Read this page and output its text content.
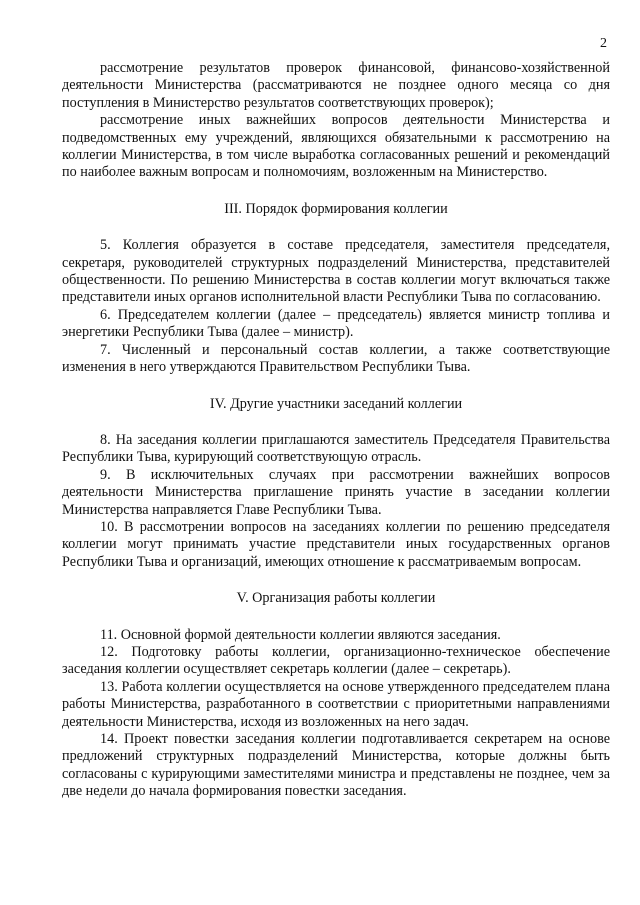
2

рассмотрение результатов проверок финансовой, финансово-хозяйственной деятельности Министерства (рассматриваются не позднее одного месяца со дня поступления в Министерство результатов соответствующих проверок);

рассмотрение иных важнейших вопросов деятельности Министерства и подведомственных ему учреждений, являющихся обязательными к рассмотрению на коллегии Министерства, в том числе выработка согласованных решений и рекомендаций по наиболее важным вопросам и полномочиям, возложенным на Министерство.

III. Порядок формирования коллегии

5. Коллегия образуется в составе председателя, заместителя председателя, секретаря, руководителей структурных подразделений Министерства, представителей общественности. По решению Министерства в состав коллегии могут включаться также представители иных органов исполнительной власти Республики Тыва по согласованию.

6. Председателем коллегии (далее – председатель) является министр топлива и энергетики Республики Тыва (далее – министр).

7. Численный и персональный состав коллегии, а также соответствующие изменения в него утверждаются Правительством Республики Тыва.

IV. Другие участники заседаний коллегии

8. На заседания коллегии приглашаются заместитель Председателя Правительства Республики Тыва, курирующий соответствующую отрасль.

9. В исключительных случаях при рассмотрении важнейших вопросов деятельности Министерства приглашение принять участие в заседании коллегии Министерства направляется Главе Республики Тыва.

10. В рассмотрении вопросов на заседаниях коллегии по решению председателя коллегии могут принимать участие представители иных государственных органов Республики Тыва и организаций, имеющих отношение к рассматриваемым вопросам.

V. Организация работы коллегии

11. Основной формой деятельности коллегии являются заседания.

12. Подготовку работы коллегии, организационно-техническое обеспечение заседания коллегии осуществляет секретарь коллегии (далее – секретарь).

13. Работа коллегии осуществляется на основе утвержденного председателем плана работы Министерства, разработанного в соответствии с приоритетными направлениями деятельности Министерства, исходя из возложенных на него задач.

14. Проект повестки заседания коллегии подготавливается секретарем на основе предложений структурных подразделений Министерства, которые должны быть согласованы с курирующими заместителями министра и представлены не позднее, чем за две недели до начала формирования повестки заседания.
